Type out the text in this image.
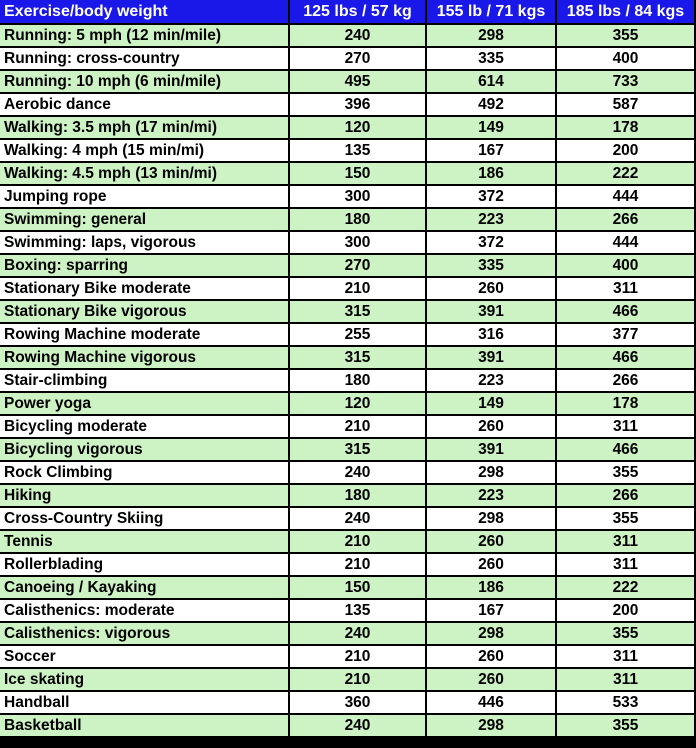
Exercise/body weight	125 lbs / 57 kg	155 lb / 71 kgs	185 lbs / 84 kgs
Running: 5 mph (12 min/mile)	240	298	355
Running: cross-country	270	335	400
Running: 10 mph (6 min/mile)	495	614	733
Aerobic dance	396	492	587
Walking: 3.5 mph (17 min/mi)	120	149	178
Walking: 4 mph (15 min/mi)	135	167	200
Walking: 4.5 mph (13 min/mi)	150	186	222
Jumping rope	300	372	444
Swimming: general	180	223	266
Swimming: laps, vigorous	300	372	444
Boxing: sparring	270	335	400
Stationary Bike moderate	210	260	311
Stationary Bike vigorous	315	391	466
Rowing Machine moderate	255	316	377
Rowing Machine vigorous	315	391	466
Stair-climbing	180	223	266
Power yoga	120	149	178
Bicycling moderate	210	260	311
Bicycling vigorous	315	391	466
Rock Climbing	240	298	355
Hiking	180	223	266
Cross-Country Skiing	240	298	355
Tennis	210	260	311
Rollerblading	210	260	311
Canoeing / Kayaking	150	186	222
Calisthenics: moderate	135	167	200
Calisthenics: vigorous	240	298	355
Soccer	210	260	311
Ice skating	210	260	311
Handball	360	446	533
Basketball	240	298	355
